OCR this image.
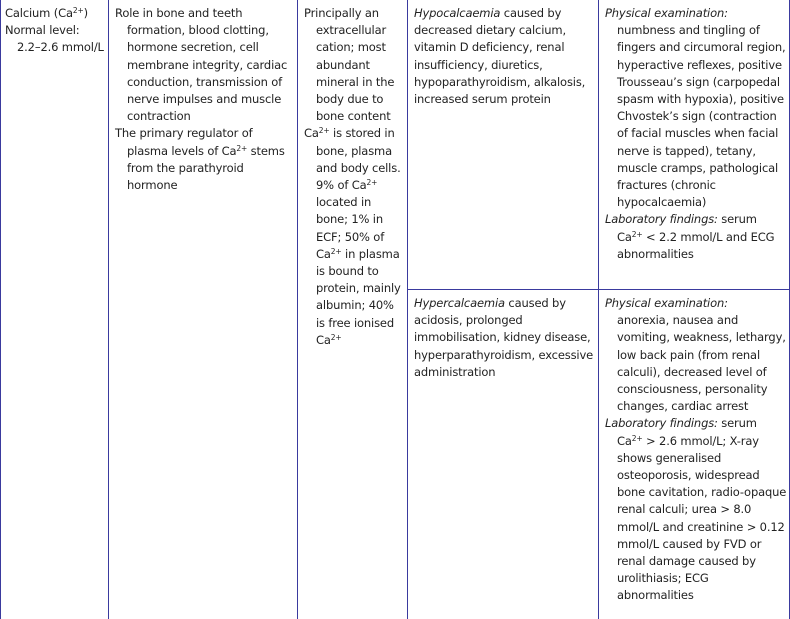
Calcium $(Ca^{2+})$

Normal level:

2.2–2.6 mmol/L

Role in bone and teeth formation, blood clotting, hormone secretion, cell membrane integrity, cardiac conduction, transmission of nerve impulses and muscle contraction

The primary regulator of plasma levels of $Ca^{2+}$ stems from the parathyroid hormone

Principally an extracellular cation; most abundant mineral in the body due to bone content

$Ca^{2+}$ is stored in bone, plasma and body cells. 9% of $Ca^{2+}$ located in bone; 1% in ECF; 50% of $Ca^{2+}$ in plasma is bound to protein, mainly albumin; 40% is free ionised $Ca^{2+}$

Hypocalcaemia caused by decreased dietary calcium, vitamin D deficiency, renal insufficiency, diuretics, hypoparathyroidism, alkalosis, increased serum protein

Physical examination:

numbness and tingling of fingers and circumoral region, hyperactive reflexes, positive Trousseau’s sign (carpopedal spasm with hypoxia), positive Chvostek’s sign (contraction of facial muscles when facial nerve is tapped), tetany, muscle cramps, pathological fractures (chronic hypocalcaemia)

Laboratory findings: serum

$Ca^{2+} < 2.2$ mmol/L and ECG abnormalities

Hypercalcaemia caused by acidosis, prolonged immobilisation, kidney disease, hyperparathyroidism, excessive administration

Physical examination:

anorexia, nausea and vomiting, weakness, lethargy, low back pain (from renal calculi), decreased level of consciousness, personality changes, cardiac arrest

Laboratory findings: serum

$Ca^{2+} > 2.6$ mmol/L; X-ray shows generalised osteoporosis, widespread bone cavitation, radio-opaque renal calculi; urea > 8.0 mmol/L and creatinine > 0.12 mmol/L caused by FVD or renal damage caused by urolithiasis; ECG abnormalities
